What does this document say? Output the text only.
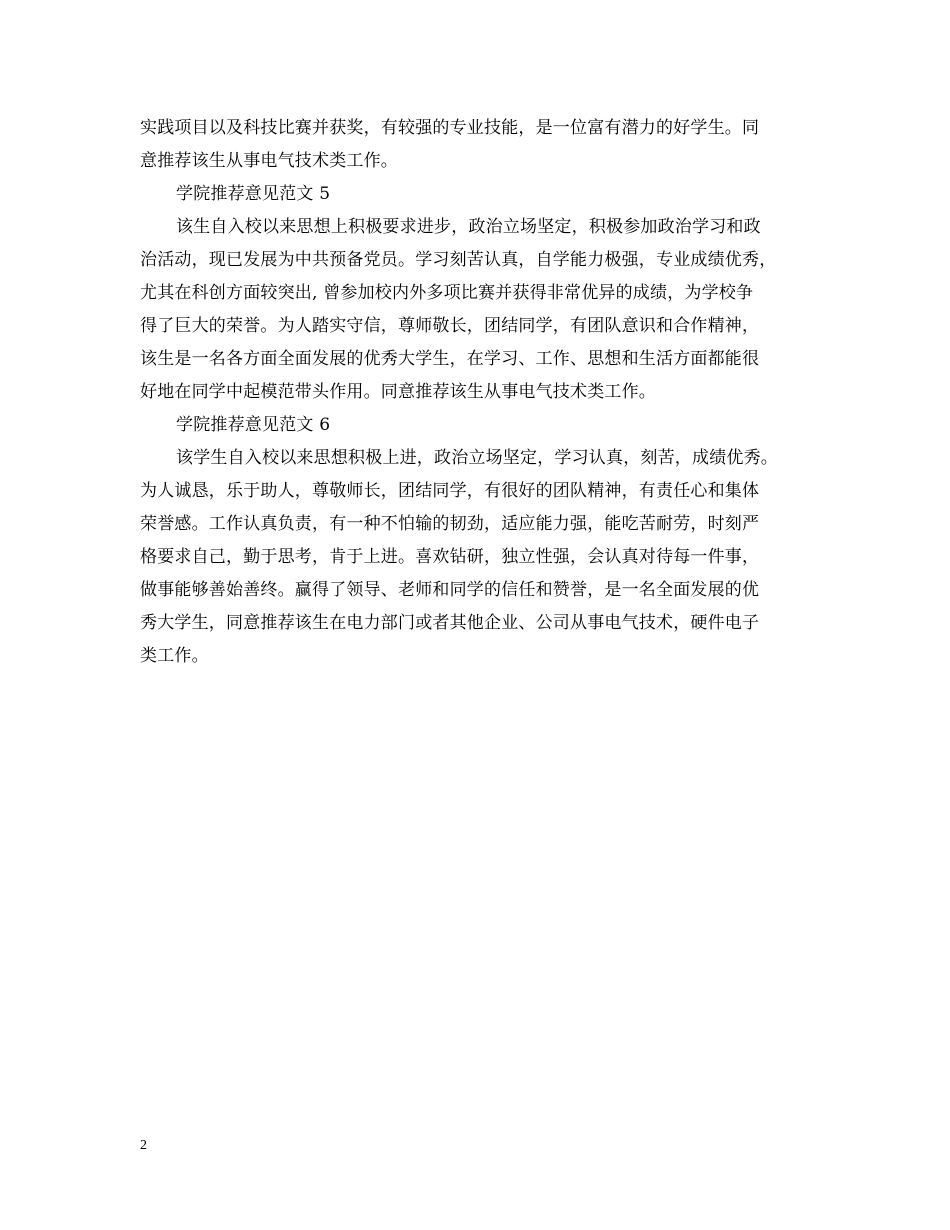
实践项目以及科技比赛并获奖，有较强的专业技能，是一位富有潜力的好学生。同
意推荐该生从事电气技术类工作。
学院推荐意见范文 5
该生自入校以来思想上积极要求进步，政治立场坚定，积极参加政治学习和政
治活动，现已发展为中共预备党员。学习刻苦认真，自学能力极强，专业成绩优秀，
尤其在科创方面较突出, 曾参加校内外多项比赛并获得非常优异的成绩，为学校争
得了巨大的荣誉。为人踏实守信，尊师敬长，团结同学，有团队意识和合作精神，
该生是一名各方面全面发展的优秀大学生，在学习、工作、思想和生活方面都能很
好地在同学中起模范带头作用。同意推荐该生从事电气技术类工作。
学院推荐意见范文 6
该学生自入校以来思想积极上进，政治立场坚定，学习认真，刻苦，成绩优秀。
为人诚恳，乐于助人，尊敬师长，团结同学，有很好的团队精神，有责任心和集体
荣誉感。工作认真负责，有一种不怕输的韧劲，适应能力强，能吃苦耐劳，时刻严
格要求自己，勤于思考，肯于上进。喜欢钻研，独立性强，会认真对待每一件事，
做事能够善始善终。赢得了领导、老师和同学的信任和赞誉，是一名全面发展的优
秀大学生，同意推荐该生在电力部门或者其他企业、公司从事电气技术，硬件电子
类工作。
2
